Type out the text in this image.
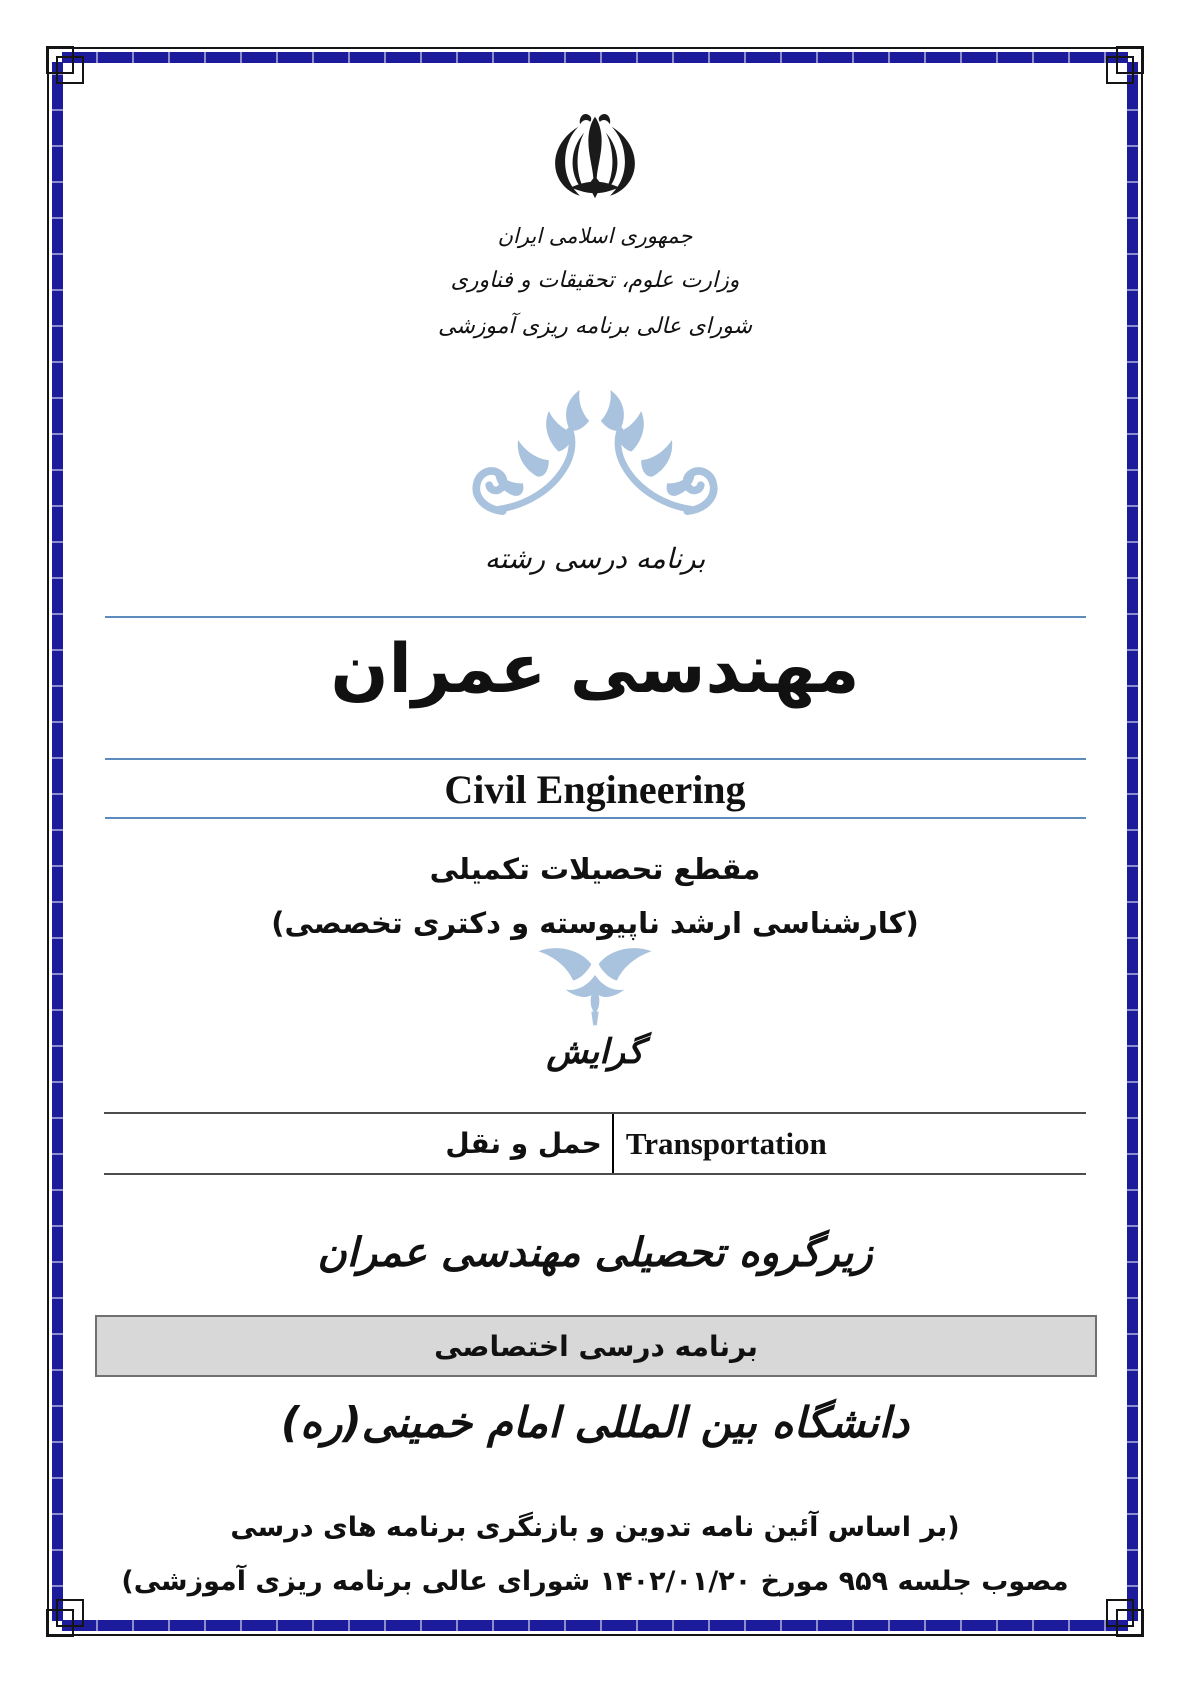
جمهوری اسلامی ایران
وزارت علوم، تحقیقات و فناوری
شورای عالی برنامه ریزی آموزشی
برنامه درسی رشته
مهندسی عمران
Civil Engineering
مقطع تحصیلات تکمیلی
(کارشناسی ارشد ناپیوسته و دکتری تخصصی)
گرایش
حمل و نقل Transportation
زیرگروه تحصیلی مهندسی عمران
برنامه درسی اختصاصی
دانشگاه بین المللی امام خمینی(ره)
(بر اساس آئین نامه تدوین و بازنگری برنامه های درسی
مصوب جلسه ۹۵۹ مورخ ۱۴۰۲/۰۱/۲۰ شورای عالی برنامه ریزی آموزشی)
